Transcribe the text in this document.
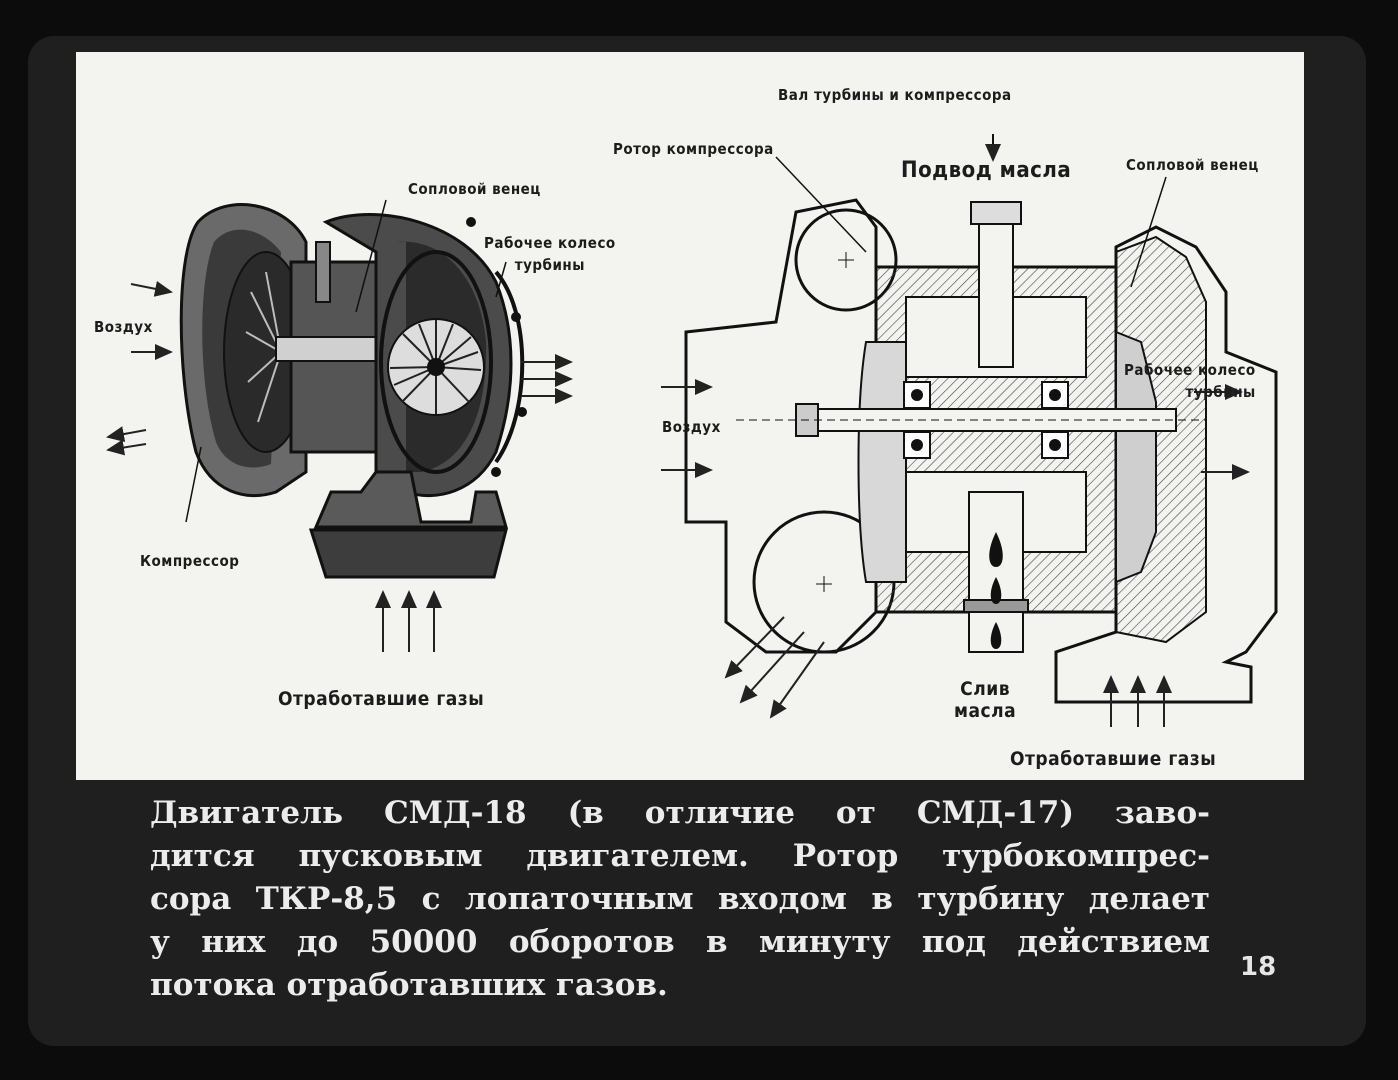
Сопловой венец
Рабочее колесо
турбины
Воздух
Компрессор
Отработавшие газы
Вал турбины и компрессора
Ротор компрессора
Подвод масла	Сопловой венец
Рабочее колесо
турбины
Воздух
Слив
масла
Отработавшие газы
Двигатель СМД-18 (в отличие от СМД-17) заво-
дится пусковым двигателем. Ротор турбокомпрес-
сора ТКР-8,5 с лопаточным входом в турбину делает
у них до 50000 оборотов в минуту под действием
потока отработавших газов.	18
